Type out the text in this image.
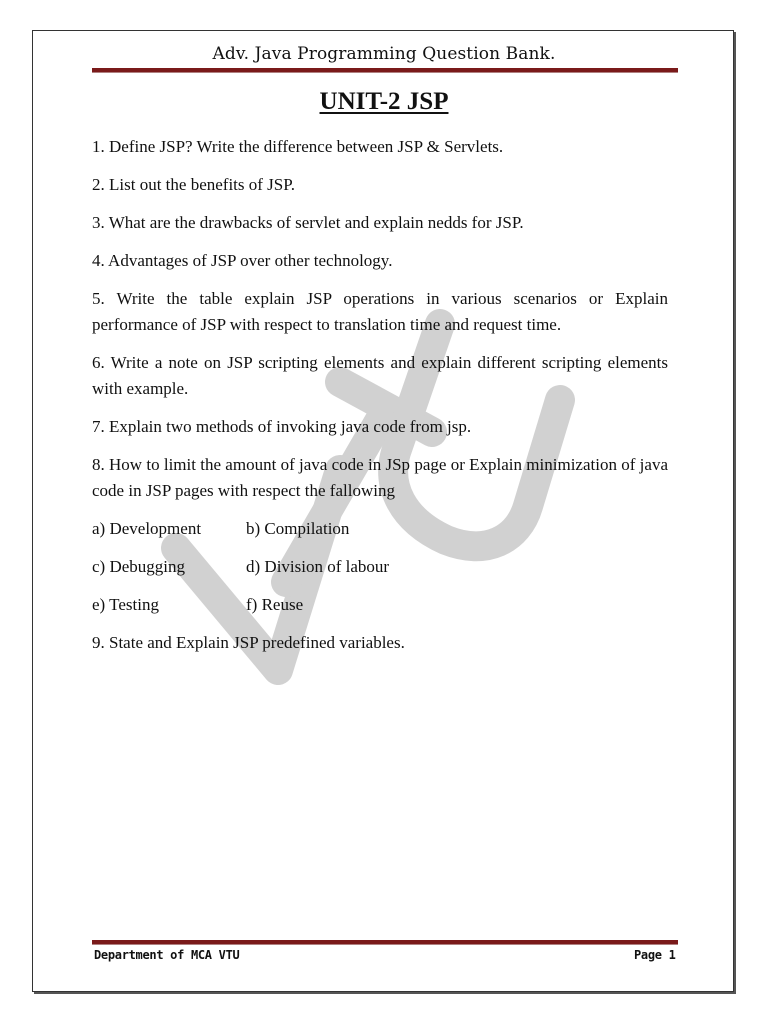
Adv. Java Programming Question Bank.
UNIT-2 JSP

1. Define JSP? Write the difference between JSP & Servlets.

2. List out the benefits of JSP.

3. What are the drawbacks of servlet and explain nedds for JSP.

4. Advantages of JSP over other technology.

5. Write the table explain JSP operations in various scenarios or Explain performance of JSP with respect to translation time and request time.

6. Write a note on JSP scripting elements and explain different scripting elements with example.

7. Explain two methods of invoking java code from jsp.

8. How to limit the amount of java code in JSp page or Explain minimization of java code in JSP pages with respect the fallowing

a) Development	b) Compilation
c) Debugging	d) Division of labour
e) Testing	f) Reuse

9. State and Explain JSP predefined variables.

Department of MCA VTU	Page 1
